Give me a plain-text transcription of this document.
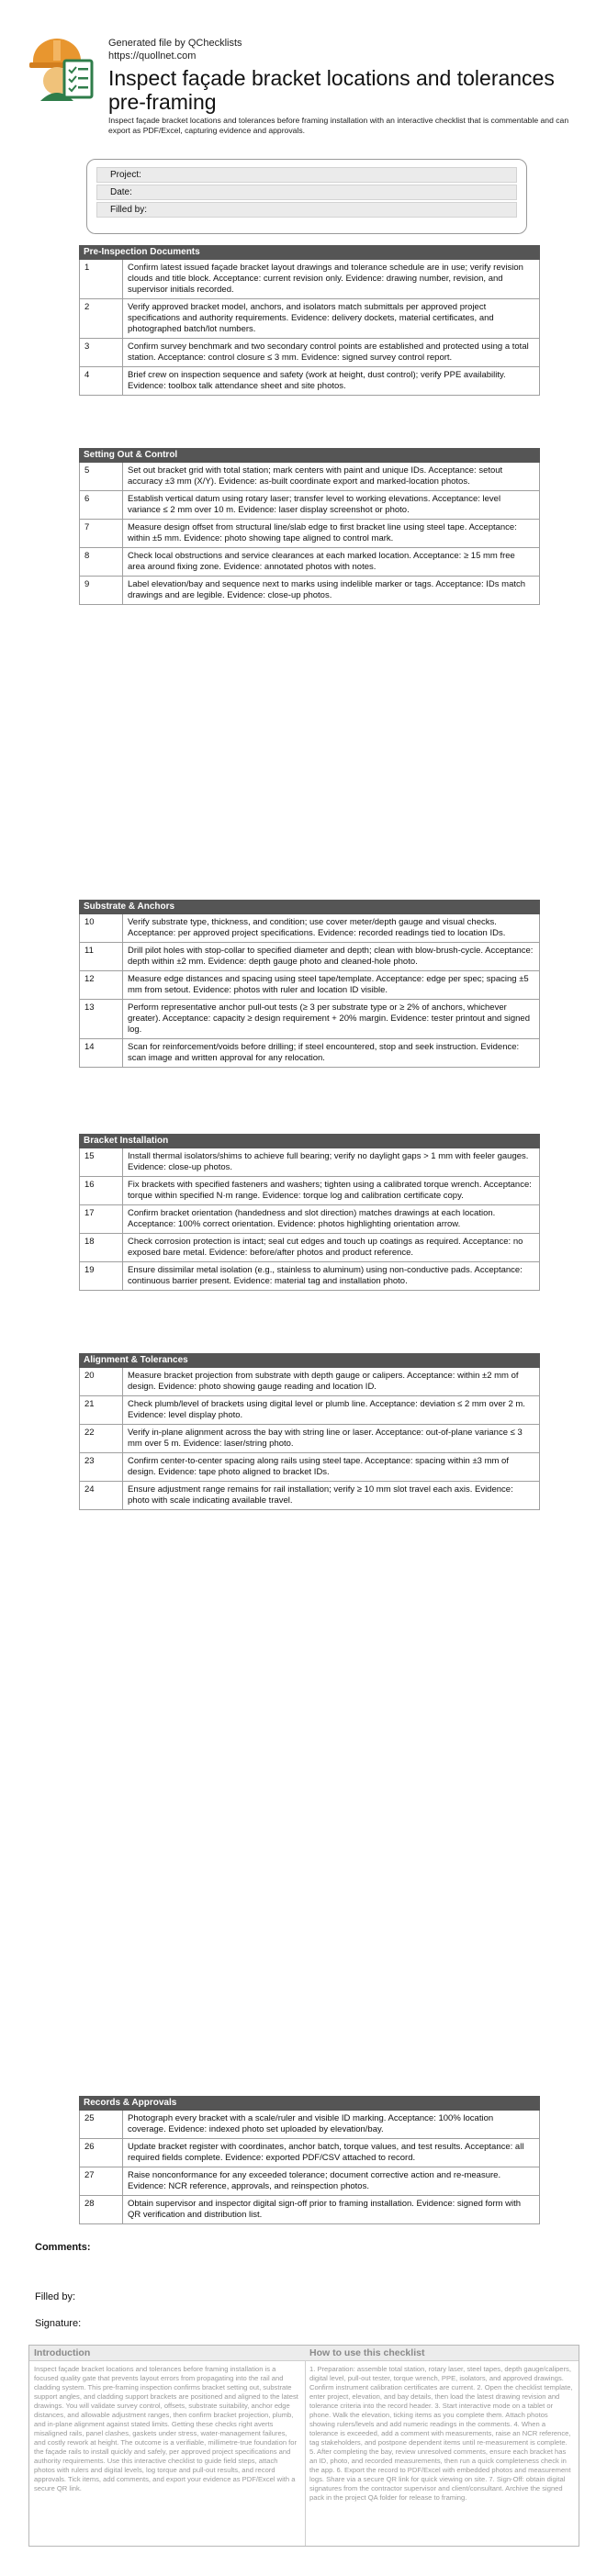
Generated file by QChecklists
https://quollnet.com
Inspect façade bracket locations and tolerances pre-framing
Inspect façade bracket locations and tolerances before framing installation with an interactive checklist that is commentable and can export as PDF/Excel, capturing evidence and approvals.
Project:
Date:
Filled by:
Pre-Inspection Documents
1	Confirm latest issued façade bracket layout drawings and tolerance schedule are in use; verify revision clouds and title block. Acceptance: current revision only. Evidence: drawing number, revision, and supervisor initials recorded.
2	Verify approved bracket model, anchors, and isolators match submittals per approved project specifications and authority requirements. Evidence: delivery dockets, material certificates, and photographed batch/lot numbers.
3	Confirm survey benchmark and two secondary control points are established and protected using a total station. Acceptance: control closure ≤ 3 mm. Evidence: signed survey control report.
4	Brief crew on inspection sequence and safety (work at height, dust control); verify PPE availability. Evidence: toolbox talk attendance sheet and site photos.
Setting Out & Control
5	Set out bracket grid with total station; mark centers with paint and unique IDs. Acceptance: setout accuracy ±3 mm (X/Y). Evidence: as-built coordinate export and marked-location photos.
6	Establish vertical datum using rotary laser; transfer level to working elevations. Acceptance: level variance ≤ 2 mm over 10 m. Evidence: laser display screenshot or photo.
7	Measure design offset from structural line/slab edge to first bracket line using steel tape. Acceptance: within ±5 mm. Evidence: photo showing tape aligned to control mark.
8	Check local obstructions and service clearances at each marked location. Acceptance: ≥ 15 mm free area around fixing zone. Evidence: annotated photos with notes.
9	Label elevation/bay and sequence next to marks using indelible marker or tags. Acceptance: IDs match drawings and are legible. Evidence: close-up photos.
Substrate & Anchors
10	Verify substrate type, thickness, and condition; use cover meter/depth gauge and visual checks. Acceptance: per approved project specifications. Evidence: recorded readings tied to location IDs.
11	Drill pilot holes with stop-collar to specified diameter and depth; clean with blow-brush-cycle. Acceptance: depth within ±2 mm. Evidence: depth gauge photo and cleaned-hole photo.
12	Measure edge distances and spacing using steel tape/template. Acceptance: edge per spec; spacing ±5 mm from setout. Evidence: photos with ruler and location ID visible.
13	Perform representative anchor pull-out tests (≥ 3 per substrate type or ≥ 2% of anchors, whichever greater). Acceptance: capacity ≥ design requirement + 20% margin. Evidence: tester printout and signed log.
14	Scan for reinforcement/voids before drilling; if steel encountered, stop and seek instruction. Evidence: scan image and written approval for any relocation.
Bracket Installation
15	Install thermal isolators/shims to achieve full bearing; verify no daylight gaps > 1 mm with feeler gauges. Evidence: close-up photos.
16	Fix brackets with specified fasteners and washers; tighten using a calibrated torque wrench. Acceptance: torque within specified N·m range. Evidence: torque log and calibration certificate copy.
17	Confirm bracket orientation (handedness and slot direction) matches drawings at each location. Acceptance: 100% correct orientation. Evidence: photos highlighting orientation arrow.
18	Check corrosion protection is intact; seal cut edges and touch up coatings as required. Acceptance: no exposed bare metal. Evidence: before/after photos and product reference.
19	Ensure dissimilar metal isolation (e.g., stainless to aluminum) using non-conductive pads. Acceptance: continuous barrier present. Evidence: material tag and installation photo.
Alignment & Tolerances
20	Measure bracket projection from substrate with depth gauge or calipers. Acceptance: within ±2 mm of design. Evidence: photo showing gauge reading and location ID.
21	Check plumb/level of brackets using digital level or plumb line. Acceptance: deviation ≤ 2 mm over 2 m. Evidence: level display photo.
22	Verify in-plane alignment across the bay with string line or laser. Acceptance: out-of-plane variance ≤ 3 mm over 5 m. Evidence: laser/string photo.
23	Confirm center-to-center spacing along rails using steel tape. Acceptance: spacing within ±3 mm of design. Evidence: tape photo aligned to bracket IDs.
24	Ensure adjustment range remains for rail installation; verify ≥ 10 mm slot travel each axis. Evidence: photo with scale indicating available travel.
Records & Approvals
25	Photograph every bracket with a scale/ruler and visible ID marking. Acceptance: 100% location coverage. Evidence: indexed photo set uploaded by elevation/bay.
26	Update bracket register with coordinates, anchor batch, torque values, and test results. Acceptance: all required fields complete. Evidence: exported PDF/CSV attached to record.
27	Raise nonconformance for any exceeded tolerance; document corrective action and re-measure. Evidence: NCR reference, approvals, and reinspection photos.
28	Obtain supervisor and inspector digital sign-off prior to framing installation. Evidence: signed form with QR verification and distribution list.
Comments:
Filled by:
Signature:
Introduction
Inspect façade bracket locations and tolerances before framing installation is a focused quality gate that prevents layout errors from propagating into the rail and cladding system. This pre-framing inspection confirms bracket setting out, substrate support angles, and cladding support brackets are positioned and aligned to the latest drawings. You will validate survey control, offsets, substrate suitability, anchor edge distances, and allowable adjustment ranges, then confirm bracket projection, plumb, and in-plane alignment against stated limits. Getting these checks right averts misaligned rails, panel clashes, gaskets under stress, water-management failures, and costly rework at height. The outcome is a verifiable, millimetre-true foundation for the façade rails to install quickly and safely, per approved project specifications and authority requirements. Use this interactive checklist to guide field steps, attach photos with rulers and digital levels, log torque and pull-out results, and record approvals. Tick items, add comments, and export your evidence as PDF/Excel with a secure QR link.
How to use this checklist
1. Preparation: assemble total station, rotary laser, steel tapes, depth gauge/calipers, digital level, pull-out tester, torque wrench, PPE, isolators, and approved drawings. Confirm instrument calibration certificates are current. 2. Open the checklist template, enter project, elevation, and bay details, then load the latest drawing revision and tolerance criteria into the record header. 3. Start interactive mode on a tablet or phone. Walk the elevation, ticking items as you complete them. Attach photos showing rulers/levels and add numeric readings in the comments. 4. When a tolerance is exceeded, add a comment with measurements, raise an NCR reference, tag stakeholders, and postpone dependent items until re-measurement is complete. 5. After completing the bay, review unresolved comments, ensure each bracket has an ID, photo, and recorded measurements, then run a quick completeness check in the app. 6. Export the record to PDF/Excel with embedded photos and measurement logs. Share via a secure QR link for quick viewing on site. 7. Sign-Off: obtain digital signatures from the contractor supervisor and client/consultant. Archive the signed pack in the project QA folder for release to framing.
